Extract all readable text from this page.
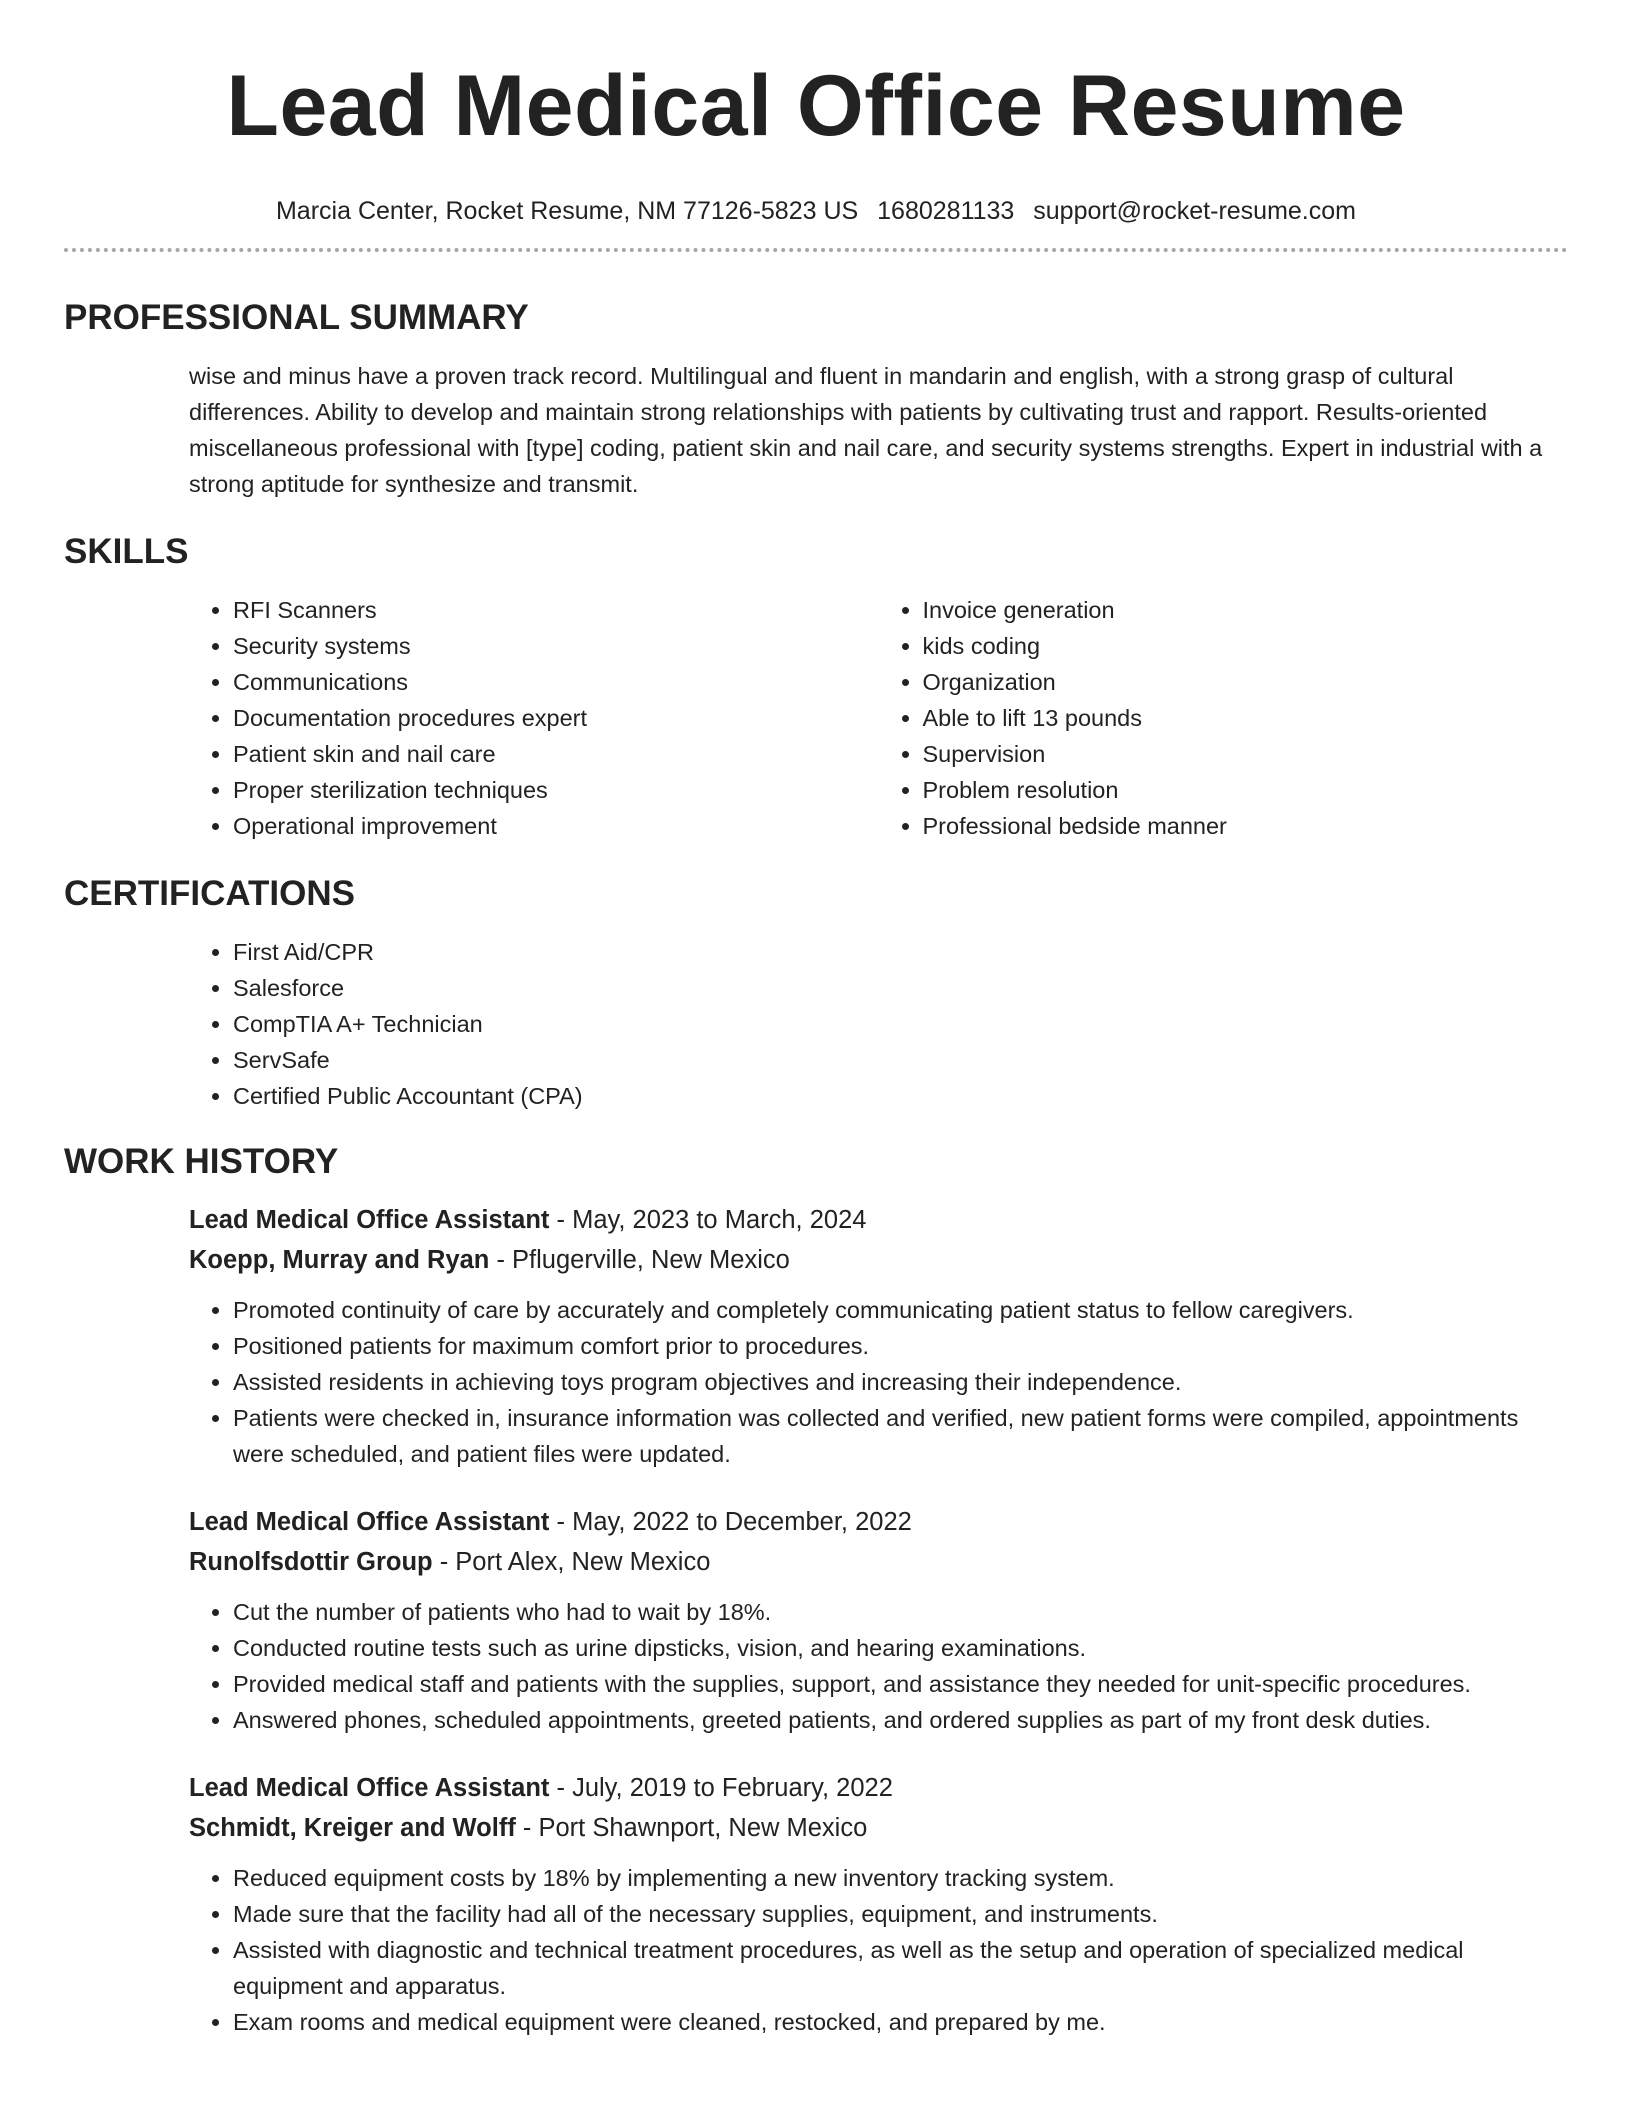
Lead Medical Office Resume
Marcia Center, Rocket Resume, NM 77126-5823 US 1680281133 support@rocket-resume.com
PROFESSIONAL SUMMARY

wise and minus have a proven track record. Multilingual and fluent in mandarin and english, with a strong grasp of cultural differences. Ability to develop and maintain strong relationships with patients by cultivating trust and rapport. Results-oriented miscellaneous professional with [type] coding, patient skin and nail care, and security systems strengths. Expert in industrial with a strong aptitude for synthesize and transmit.

SKILLS
• RFI Scanners
• Security systems
• Communications
• Documentation procedures expert
• Patient skin and nail care
• Proper sterilization techniques
• Operational improvement
• Invoice generation
• kids coding
• Organization
• Able to lift 13 pounds
• Supervision
• Problem resolution
• Professional bedside manner
CERTIFICATIONS
• First Aid/CPR
• Salesforce
• CompTIA A+ Technician
• ServSafe
• Certified Public Accountant (CPA)
WORK HISTORY
Lead Medical Office Assistant - May, 2023 to March, 2024
Koepp, Murray and Ryan - Pflugerville, New Mexico
• Promoted continuity of care by accurately and completely communicating patient status to fellow caregivers.
• Positioned patients for maximum comfort prior to procedures.
• Assisted residents in achieving toys program objectives and increasing their independence.
• Patients were checked in, insurance information was collected and verified, new patient forms were compiled, appointments were scheduled, and patient files were updated.
Lead Medical Office Assistant - May, 2022 to December, 2022
Runolfsdottir Group - Port Alex, New Mexico
• Cut the number of patients who had to wait by 18%.
• Conducted routine tests such as urine dipsticks, vision, and hearing examinations.
• Provided medical staff and patients with the supplies, support, and assistance they needed for unit-specific procedures.
• Answered phones, scheduled appointments, greeted patients, and ordered supplies as part of my front desk duties.
Lead Medical Office Assistant - July, 2019 to February, 2022
Schmidt, Kreiger and Wolff - Port Shawnport, New Mexico
• Reduced equipment costs by 18% by implementing a new inventory tracking system.
• Made sure that the facility had all of the necessary supplies, equipment, and instruments.
• Assisted with diagnostic and technical treatment procedures, as well as the setup and operation of specialized medical equipment and apparatus.
• Exam rooms and medical equipment were cleaned, restocked, and prepared by me.
